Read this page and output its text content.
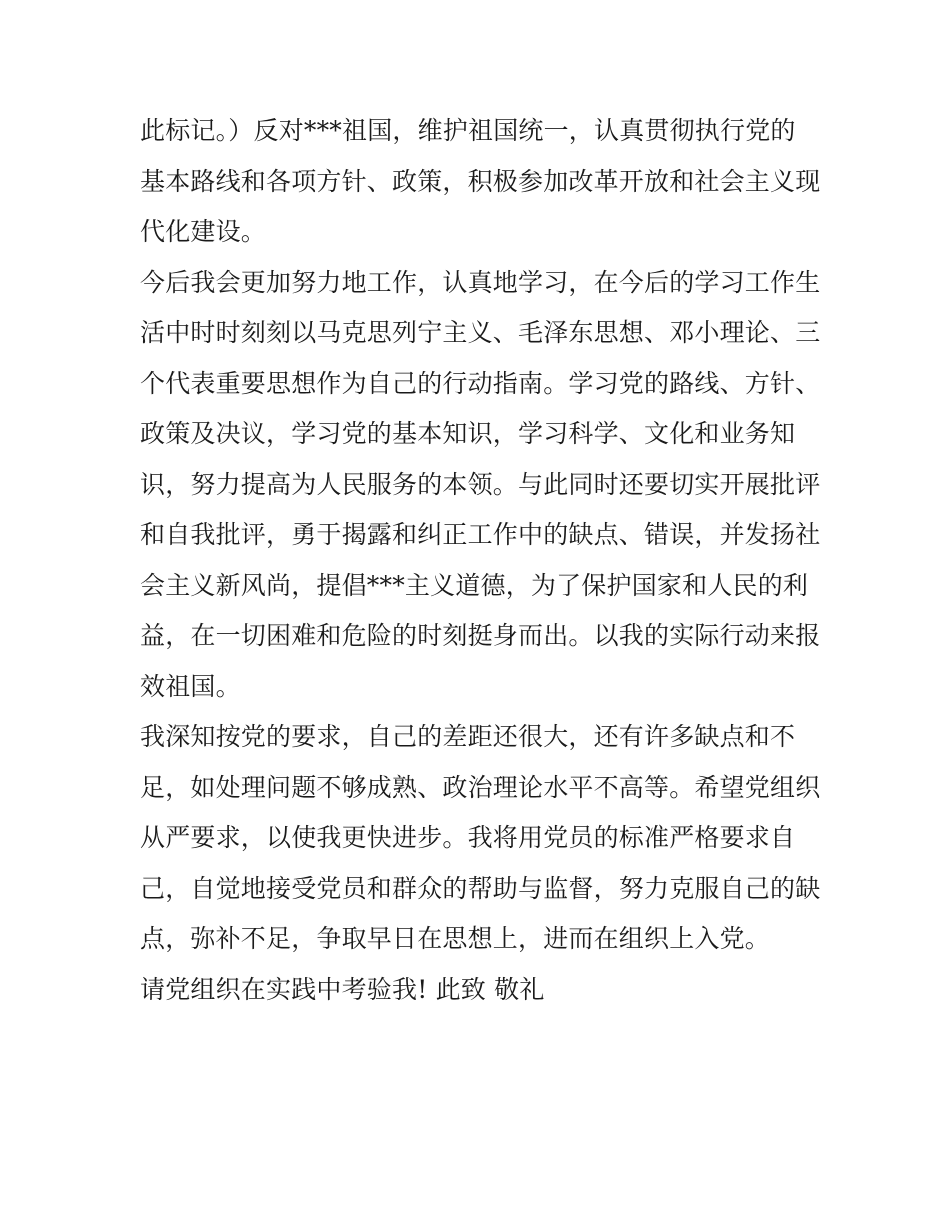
此标记。）反对***祖国，维护祖国统一，认真贯彻执行党的
基本路线和各项方针、政策，积极参加改革开放和社会主义现
代化建设。
今后我会更加努力地工作，认真地学习，在今后的学习工作生
活中时时刻刻以马克思列宁主义、毛泽东思想、邓小理论、三
个代表重要思想作为自己的行动指南。学习党的路线、方针、
政策及决议，学习党的基本知识，学习科学、文化和业务知
识，努力提高为人民服务的本领。与此同时还要切实开展批评
和自我批评，勇于揭露和纠正工作中的缺点、错误，并发扬社
会主义新风尚，提倡***主义道德，为了保护国家和人民的利
益，在一切困难和危险的时刻挺身而出。以我的实际行动来报
效祖国。
我深知按党的要求，自己的差距还很大，还有许多缺点和不
足，如处理问题不够成熟、政治理论水平不高等。希望党组织
从严要求，以使我更快进步。我将用党员的标准严格要求自
己，自觉地接受党员和群众的帮助与监督，努力克服自己的缺
点，弥补不足，争取早日在思想上，进而在组织上入党。
请党组织在实践中考验我! 此致 敬礼
